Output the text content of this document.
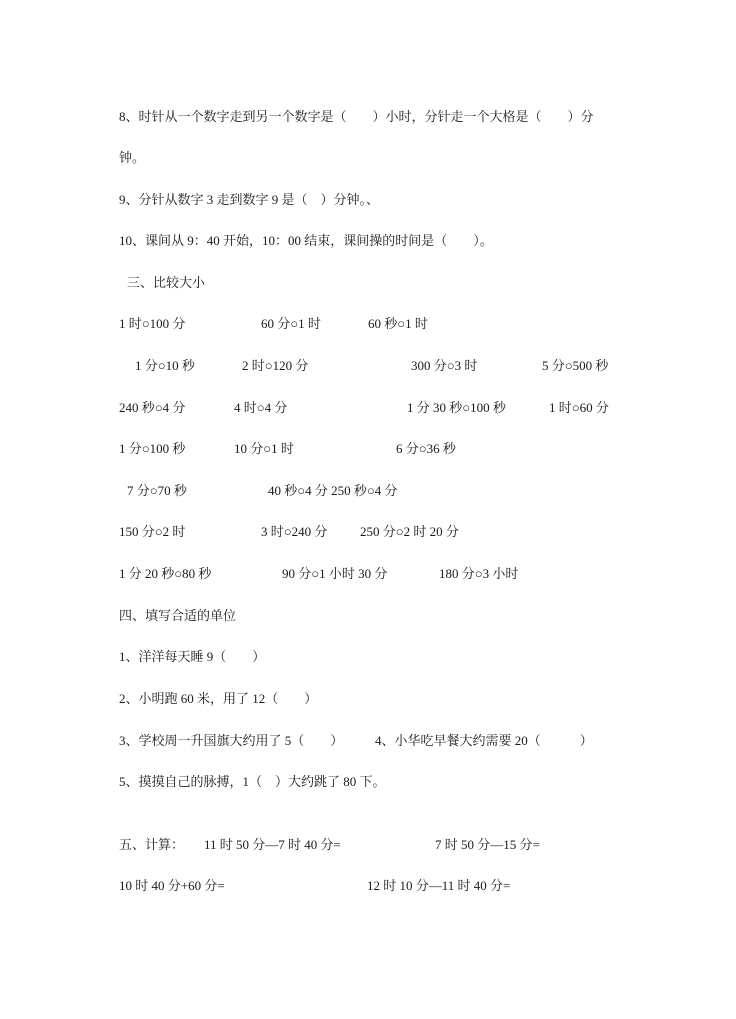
8、时针从一个数字走到另一个数字是（　　）小时，分针走一个大格是（　　）分
钟。
9、分针从数字 3 走到数字 9 是（　）分钟。、
10、课间从 9：40 开始，10：00 结束，课间操的时间是（　　）。
三、比较大小
1 时○100 分	60 分○1 时	60 秒○1 时
1 分○10 秒	2 时○120 分	300 分○3 时	5 分○500 秒
240 秒○4 分	4 时○4 分	1 分 30 秒○100 秒	1 时○60 分
1 分○100 秒	10 分○1 时	6 分○36 秒
7 分○70 秒	40 秒○4 分 250 秒○4 分
150 分○2 时	3 时○240 分	250 分○2 时 20 分
1 分 20 秒○80 秒	90 分○1 小时 30 分	180 分○3 小时
四、填写合适的单位
1、洋洋每天睡 9（　　）
2、小明跑 60 米，用了 12（　　）
3、学校周一升国旗大约用了 5（　　） 4、小华吃早餐大约需要 20（　　　）
5、摸摸自己的脉搏，1（　）大约跳了 80 下。
五、计算： 11 时 50 分—7 时 40 分=	7 时 50 分—15 分=
10 时 40 分+60 分=	12 时 10 分—11 时 40 分=
